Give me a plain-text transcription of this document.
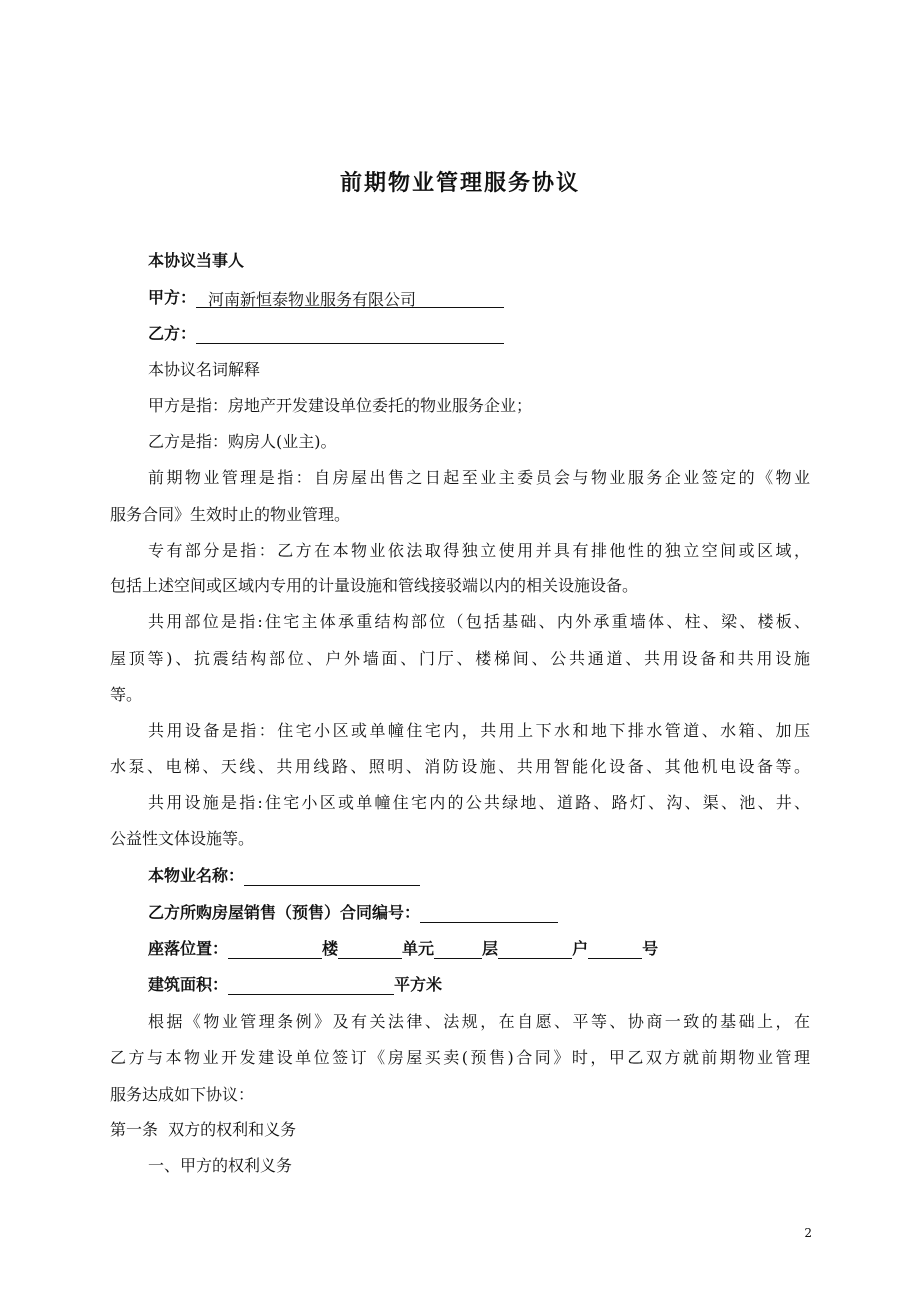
前期物业管理服务协议
本协议当事人
甲方： 河南新恒泰物业服务有限公司
乙方：
本协议名词解释
甲方是指：房地产开发建设单位委托的物业服务企业；
乙方是指：购房人(业主)。
前期物业管理是指：自房屋出售之日起至业主委员会与物业服务企业签定的《物业
服务合同》生效时止的物业管理。
专有部分是指：乙方在本物业依法取得独立使用并具有排他性的独立空间或区域，
包括上述空间或区域内专用的计量设施和管线接驳端以内的相关设施设备。
共用部位是指:住宅主体承重结构部位（包括基础、内外承重墙体、柱、梁、楼板、
屋顶等)、抗震结构部位、户外墙面、门厅、楼梯间、公共通道、共用设备和共用设施
等。
共用设备是指：住宅小区或单幢住宅内，共用上下水和地下排水管道、水箱、加压
水泵、电梯、天线、共用线路、照明、消防设施、共用智能化设备、其他机电设备等。
共用设施是指:住宅小区或单幢住宅内的公共绿地、道路、路灯、沟、渠、池、井、
公益性文体设施等。
本物业名称：
乙方所购房屋销售（预售）合同编号：
座落位置：	楼	单元	层	户	号
建筑面积：	平方米
根据《物业管理条例》及有关法律、法规，在自愿、平等、协商一致的基础上，在
乙方与本物业开发建设单位签订《房屋买卖(预售)合同》时，甲乙双方就前期物业管理
服务达成如下协议：
第一条  双方的权利和义务
一、甲方的权利义务
2
